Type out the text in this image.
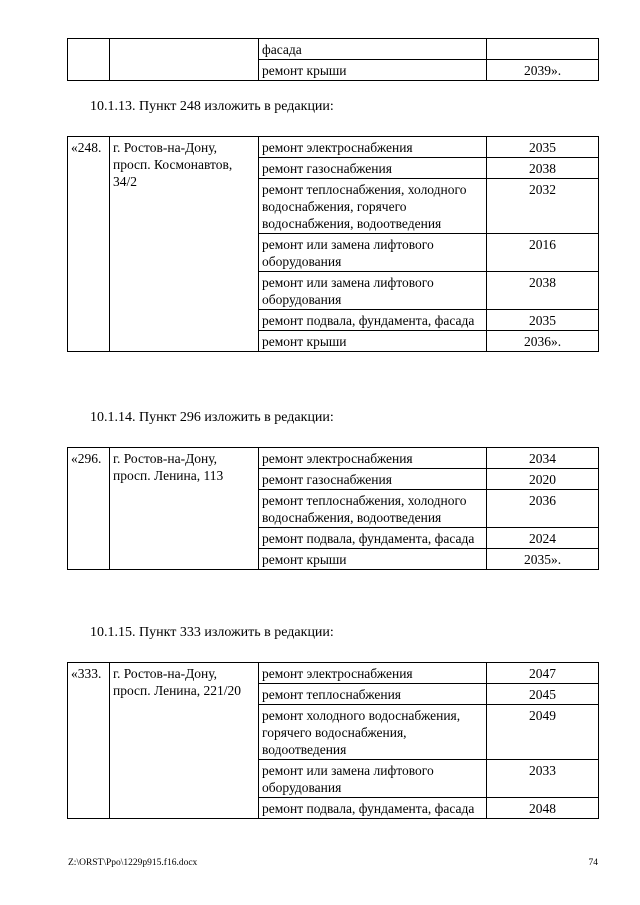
		фасада	
		ремонт крыши	2039».
10.1.13. Пункт 248 изложить в редакции:
«248.	г. Ростов-на-Дону, просп. Космонавтов, 34/2	ремонт электроснабжения	2035
		ремонт газоснабжения	2038
		ремонт теплоснабжения, холодного водоснабжения, горячего водоснабжения, водоотведения	2032
		ремонт или замена лифтового оборудования	2016
		ремонт или замена лифтового оборудования	2038
		ремонт подвала, фундамента, фасада	2035
		ремонт крыши	2036».
10.1.14. Пункт 296 изложить в редакции:
«296.	г. Ростов-на-Дону, просп. Ленина, 113	ремонт электроснабжения	2034
		ремонт газоснабжения	2020
		ремонт теплоснабжения, холодного водоснабжения, водоотведения	2036
		ремонт подвала, фундамента, фасада	2024
		ремонт крыши	2035».
10.1.15. Пункт 333 изложить в редакции:
«333.	г. Ростов-на-Дону, просп. Ленина, 221/20	ремонт электроснабжения	2047
		ремонт теплоснабжения	2045
		ремонт холодного водоснабжения, горячего водоснабжения, водоотведения	2049
		ремонт или замена лифтового оборудования	2033
		ремонт подвала, фундамента, фасада	2048
Z:\ORST\Ppo\1229p915.f16.docx	74
